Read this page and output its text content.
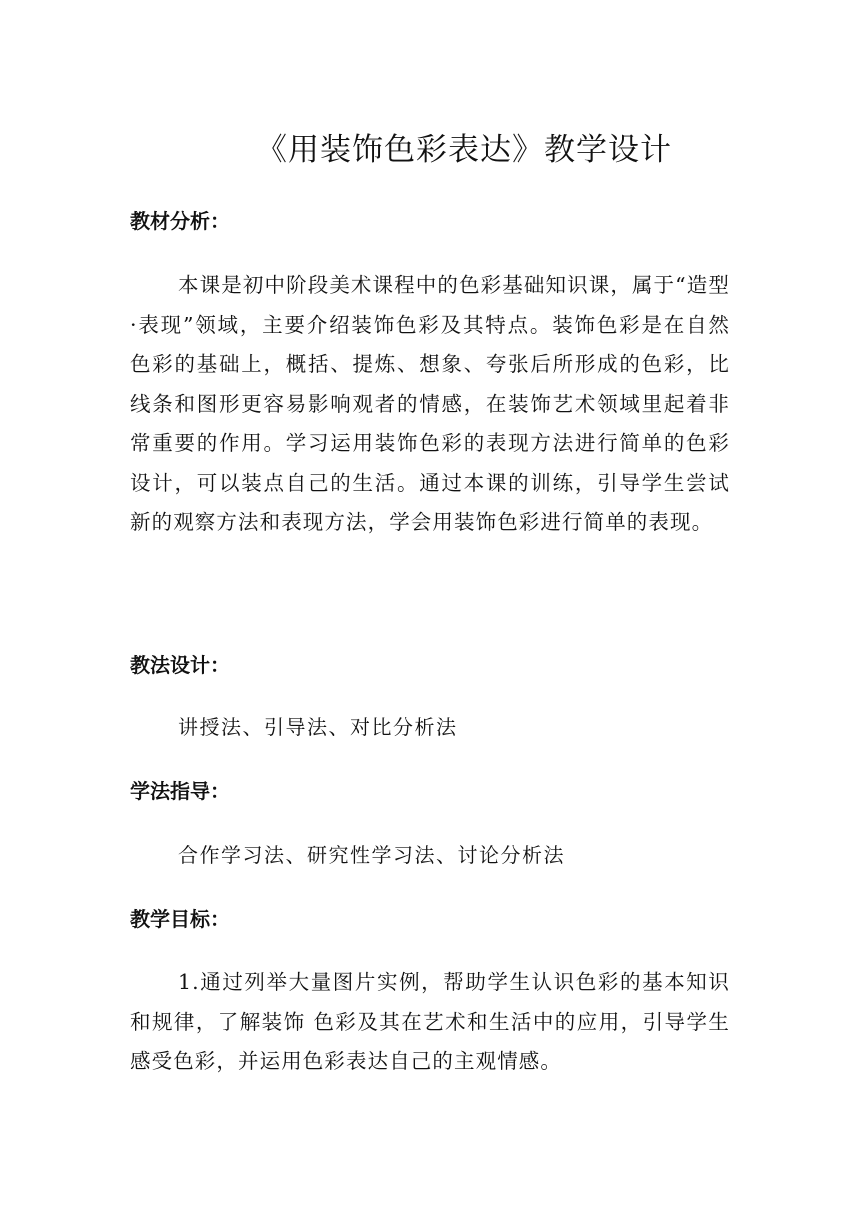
《用装饰色彩表达》教学设计
教材分析：

本课是初中阶段美术课程中的色彩基础知识课，属于“造型·表现”领域，主要介绍装饰色彩及其特点。装饰色彩是在自然色彩的基础上，概括、提炼、想象、夸张后所形成的色彩，比线条和图形更容易影响观者的情感，在装饰艺术领域里起着非常重要的作用。学习运用装饰色彩的表现方法进行简单的色彩设计，可以装点自己的生活。通过本课的训练，引导学生尝试新的观察方法和表现方法，学会用装饰色彩进行简单的表现。

教法设计：

讲授法、引导法、对比分析法

学法指导：

合作学习法、研究性学习法、讨论分析法

教学目标：

1.通过列举大量图片实例，帮助学生认识色彩的基本知识和规律，了解装饰 色彩及其在艺术和生活中的应用，引导学生感受色彩，并运用色彩表达自己的主观情感。
